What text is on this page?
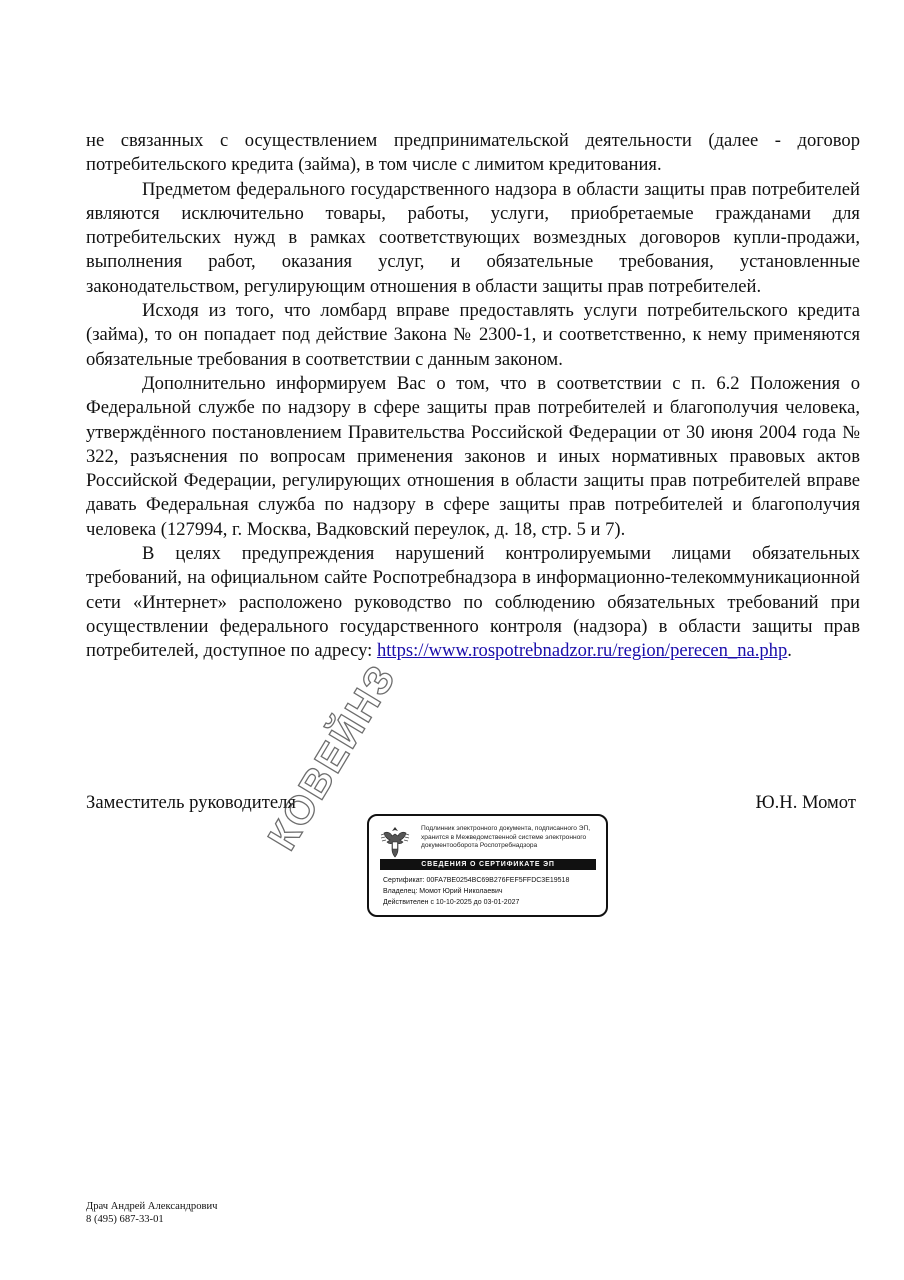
не связанных с осуществлением предпринимательской деятельности (далее - договор потребительского кредита (займа), в том числе с лимитом кредитования.

Предметом федерального государственного надзора в области защиты прав потребителей являются исключительно товары, работы, услуги, приобретаемые гражданами для потребительских нужд в рамках соответствующих возмездных договоров купли-продажи, выполнения работ, оказания услуг, и обязательные требования, установленные законодательством, регулирующим отношения в области защиты прав потребителей.

Исходя из того, что ломбард вправе предоставлять услуги потребительского кредита (займа), то он попадает под действие Закона № 2300-1, и соответственно, к нему применяются обязательные требования в соответствии с данным законом.

Дополнительно информируем Вас о том, что в соответствии с п. 6.2 Положения о Федеральной службе по надзору в сфере защиты прав потребителей и благополучия человека, утверждённого постановлением Правительства Российской Федерации от 30 июня 2004 года № 322, разъяснения по вопросам применения законов и иных нормативных правовых актов Российской Федерации, регулирующих отношения в области защиты прав потребителей вправе давать Федеральная служба по надзору в сфере защиты прав потребителей и благополучия человека (127994, г. Москва, Вадковский переулок, д. 18, стр. 5 и 7).

В целях предупреждения нарушений контролируемыми лицами обязательных требований, на официальном сайте Роспотребнадзора в информационно-телекоммуникационной сети «Интернет» расположено руководство по соблюдению обязательных требований при осуществлении федерального государственного контроля (надзора) в области защиты прав потребителей, доступное по адресу: https://www.rospotrebnadzor.ru/region/perecen_na.php.

Заместитель руководителя	Ю.Н. Момот
Подлинник электронного документа, подписанного ЭП, хранится в Межведомственной системе электронного документооборота Роспотребнадзора
СВЕДЕНИЯ О СЕРТИФИКАТЕ ЭП
Сертификат: 00FA7BE0254BC69B276FEF5FFDC3E19518
Владелец: Момот Юрий Николаевич
Действителен с 10-10-2025 до 03-01-2027
КОВЕЙНЗ
Драч Андрей Александрович
8 (495) 687-33-01
